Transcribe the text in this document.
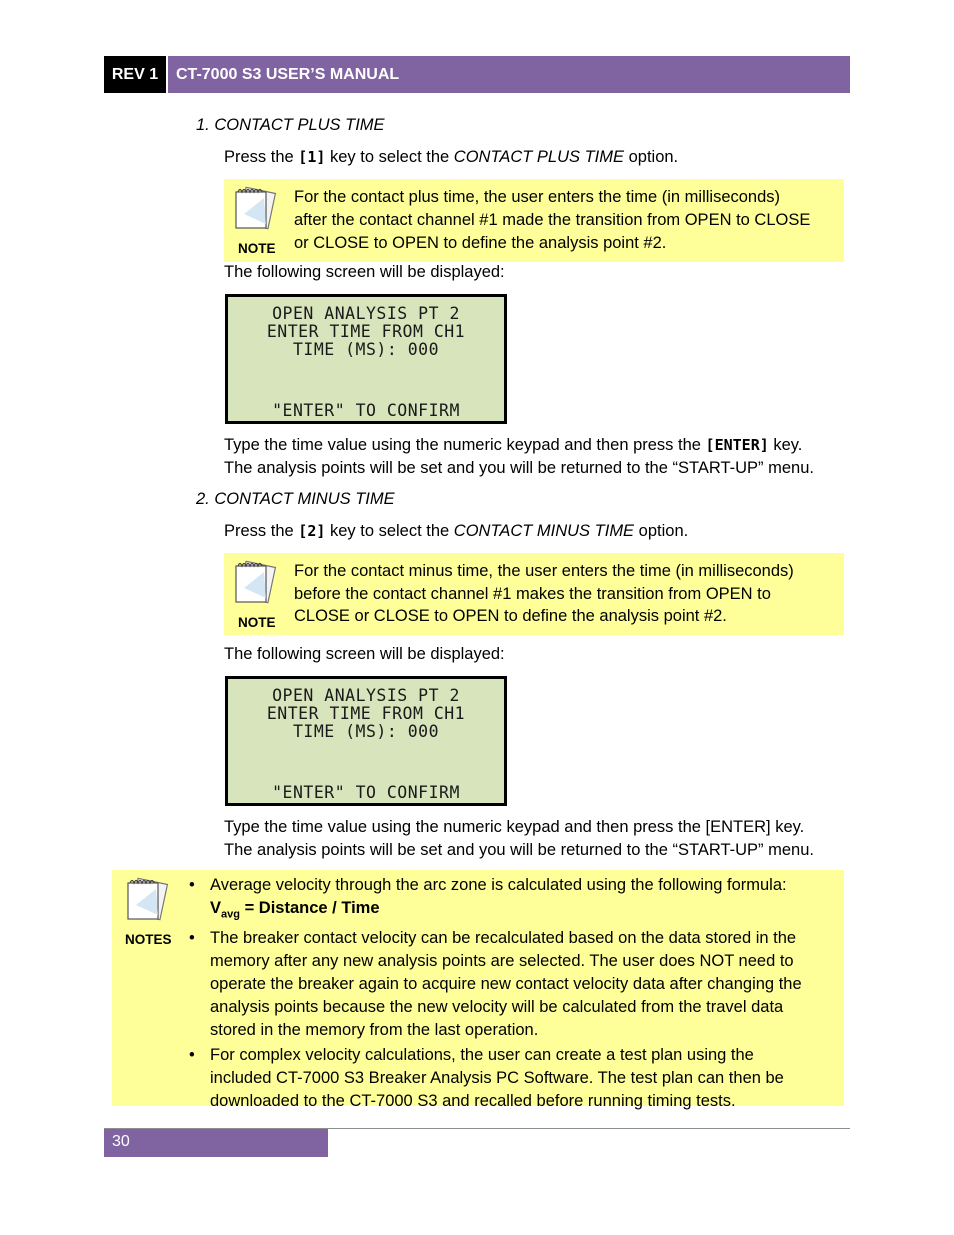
REV 1	CT-7000 S3 USER’S MANUAL
1. CONTACT PLUS TIME
Press the [1] key to select the CONTACT PLUS TIME option.
NOTE
For the contact plus time, the user enters the time (in milliseconds)
after the contact channel #1 made the transition from OPEN to CLOSE
or CLOSE to OPEN to define the analysis point #2.
The following screen will be displayed:
OPEN ANALYSIS PT 2
ENTER TIME FROM CH1
TIME (MS): 000
"ENTER" TO CONFIRM
Type the time value using the numeric keypad and then press the [ENTER] key.
The analysis points will be set and you will be returned to the “START-UP” menu.
2. CONTACT MINUS TIME
Press the [2] key to select the CONTACT MINUS TIME option.
NOTE
For the contact minus time, the user enters the time (in milliseconds)
before the contact channel #1 makes the transition from OPEN to
CLOSE or CLOSE to OPEN to define the analysis point #2.
The following screen will be displayed:
OPEN ANALYSIS PT 2
ENTER TIME FROM CH1
TIME (MS): 000
"ENTER" TO CONFIRM
Type the time value using the numeric keypad and then press the [ENTER] key.
The analysis points will be set and you will be returned to the “START-UP” menu.
NOTES
• Average velocity through the arc zone is calculated using the following formula:
$V_{avg}$ = Distance / Time
• The breaker contact velocity can be recalculated based on the data stored in the
memory after any new analysis points are selected. The user does NOT need to
operate the breaker again to acquire new contact velocity data after changing the
analysis points because the new velocity will be calculated from the travel data
stored in the memory from the last operation.
• For complex velocity calculations, the user can create a test plan using the
included CT-7000 S3 Breaker Analysis PC Software. The test plan can then be
downloaded to the CT-7000 S3 and recalled before running timing tests.
30
